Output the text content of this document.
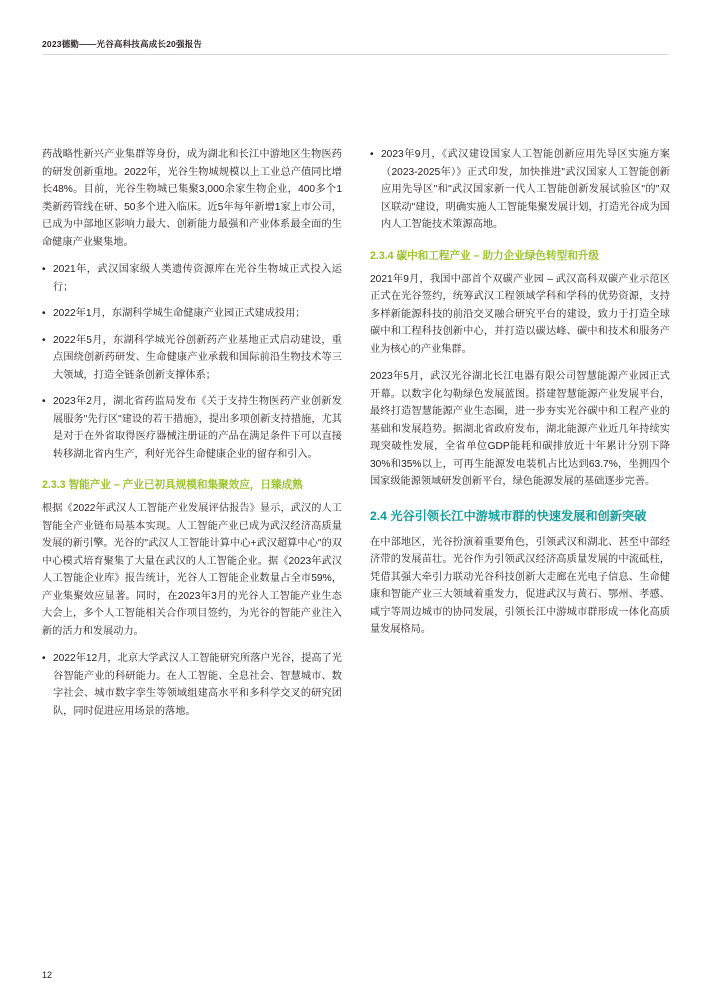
2023德勤——光谷高科技高成长20强报告

药战略性新兴产业集群等身份，成为湖北和长江中游地区生物医药的研发创新重地。2022年，光谷生物城规模以上工业总产值同比增长48%。目前，光谷生物城已集聚3,000余家生物企业，400多个1类新药管线在研、50多个进入临床。近5年每年新增1家上市公司，已成为中部地区影响力最大、创新能力最强和产业体系最全面的生命健康产业聚集地。

• 2021年，武汉国家级人类遗传资源库在光谷生物城正式投入运行；
• 2022年1月，东湖科学城生命健康产业园正式建成投用；
• 2022年5月，东湖科学城光谷创新药产业基地正式启动建设，重点围绕创新药研发、生命健康产业承载和国际前沿生物技术等三大领域，打造全链条创新支撑体系；
• 2023年2月，湖北省药监局发布《关于支持生物医药产业创新发展服务"先行区"建设的若干措施》，提出多项创新支持措施，尤其是对于在外省取得医疗器械注册证的产品在满足条件下可以直接转移湖北省内生产，利好光谷生命健康企业的留存和引入。
2.3.3 智能产业 – 产业已初具规模和集聚效应，日臻成熟

根据《2022年武汉人工智能产业发展评估报告》显示，武汉的人工智能全产业链布局基本实现。人工智能产业已成为武汉经济高质量发展的新引擎。光谷的"武汉人工智能计算中心+武汉超算中心"的双中心模式培育聚集了大量在武汉的人工智能企业。据《2023年武汉人工智能企业库》报告统计，光谷人工智能企业数量占全市59%，产业集聚效应显著。同时，在2023年3月的光谷人工智能产业生态大会上，多个人工智能相关合作项目签约，为光谷的智能产业注入新的活力和发展动力。

• 2022年12月，北京大学武汉人工智能研究所落户光谷，提高了光谷智能产业的科研能力。在人工智能、全息社会、智慧城市、数字社会、城市数字孪生等领域组建高水平和多科学交叉的研究团队，同时促进应用场景的落地。
• 2023年9月，《武汉建设国家人工智能创新应用先导区实施方案（2023-2025年）》正式印发，加快推进"武汉国家人工智能创新应用先导区"和"武汉国家新一代人工智能创新发展试验区"的"双区联动"建设，明确实施人工智能集聚发展计划，打造光谷成为国内人工智能技术策源高地。
2.3.4 碳中和工程产业 – 助力企业绿色转型和升级

2021年9月，我国中部首个双碳产业园 – 武汉高科双碳产业示范区正式在光谷签约，统筹武汉工程领域学科和学科的优势资源，支持多样新能源科技的前沿交叉融合研究平台的建设，致力于打造全球碳中和工程科技创新中心，并打造以碳达峰、碳中和技术和服务产业为核心的产业集群。

2023年5月，武汉光谷湖北长江电器有限公司智慧能源产业园正式开幕。以数字化勾勒绿色发展蓝图。搭建智慧能源产业发展平台，最终打造智慧能源产业生态圈，进一步夯实光谷碳中和工程产业的基础和发展趋势。据湖北省政府发布，湖北能源产业近几年持续实现突破性发展，全省单位GDP能耗和碳排放近十年累计分别下降30%和35%以上，可再生能源发电装机占比达到63.7%，坐拥四个国家级能源领域研发创新平台，绿色能源发展的基础逐步完善。

2.4 光谷引领长江中游城市群的快速发展和创新突破

在中部地区，光谷扮演着重要角色，引领武汉和湖北、甚至中部经济带的发展苗壮。光谷作为引领武汉经济高质量发展的中流砥柱，凭借其强大牵引力联动光谷科技创新大走廊在光电子信息、生命健康和智能产业三大领域着重发力，促进武汉与黄石、鄂州、孝感、咸宁等周边城市的协同发展，引领长江中游城市群形成一体化高质量发展格局。

12
